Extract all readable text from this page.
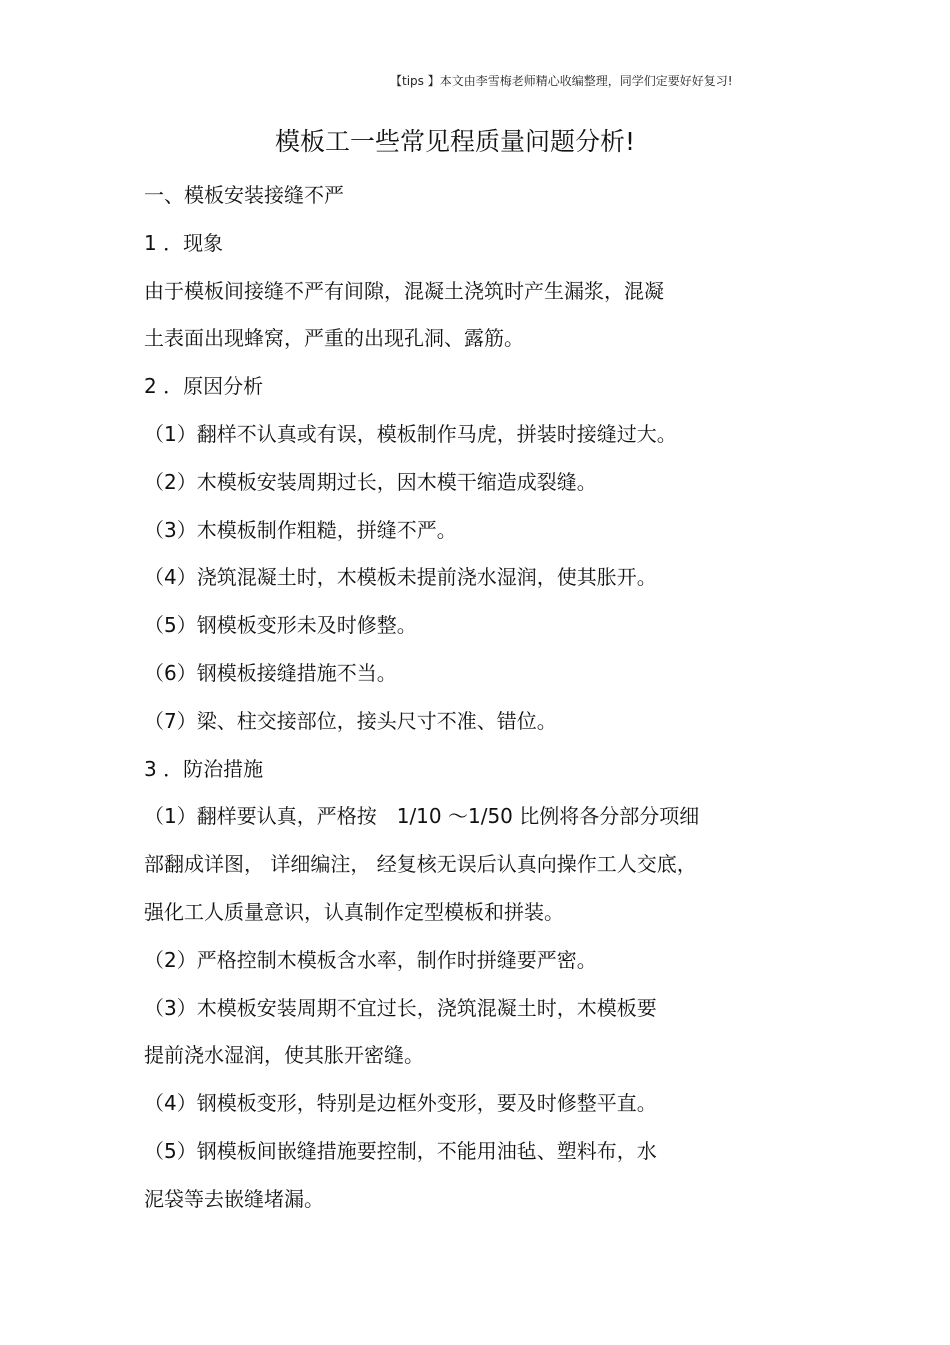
【tips 】本文由李雪梅老师精心收编整理，同学们定要好好复习!
模板工一些常见程质量问题分析!
一、模板安装接缝不严
1 ．现象
由于模板间接缝不严有间隙，混凝土浇筑时产生漏浆，混凝
土表面出现蜂窝，严重的出现孔洞、露筋。
2 ．原因分析
（1）翻样不认真或有误，模板制作马虎，拼装时接缝过大。
（2）木模板安装周期过长，因木模干缩造成裂缝。
（3）木模板制作粗糙，拼缝不严。
（4）浇筑混凝土时，木模板未提前浇水湿润，使其胀开。
（5）钢模板变形未及时修整。
（6）钢模板接缝措施不当。
（7）梁、柱交接部位，接头尺寸不准、错位。
3 ．防治措施
（1）翻样要认真，严格按　1/10 ～1/50 比例将各分部分项细
部翻成详图， 详细编注， 经复核无误后认真向操作工人交底，
强化工人质量意识，认真制作定型模板和拼装。
（2）严格控制木模板含水率，制作时拼缝要严密。
（3）木模板安装周期不宜过长，浇筑混凝土时，木模板要
提前浇水湿润，使其胀开密缝。
（4）钢模板变形，特别是边框外变形，要及时修整平直。
（5）钢模板间嵌缝措施要控制，不能用油毡、塑料布，水
泥袋等去嵌缝堵漏。
